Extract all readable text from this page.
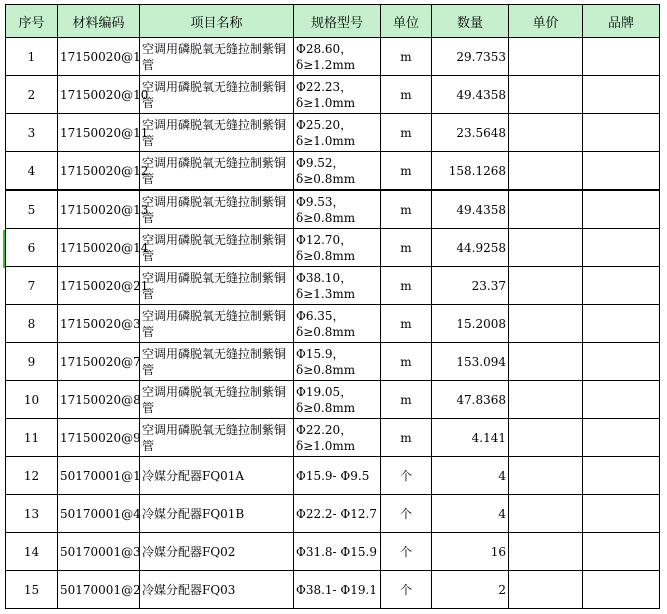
序号	材料编码	项目名称	规格型号	单位	数量	单价	品牌
1	17150020@1	空调用磷脱氧无缝拉制紫铜管	Φ28.60，δ≥1.2mm	m	29.7353		
2	17150020@10	空调用磷脱氧无缝拉制紫铜管	Φ22.23，δ≥1.0mm	m	49.4358		
3	17150020@11	空调用磷脱氧无缝拉制紫铜管	Φ25.20，δ≥1.0mm	m	23.5648		
4	17150020@12	空调用磷脱氧无缝拉制紫铜管	Φ9.52，δ≥0.8mm	m	158.1268		
5	17150020@13	空调用磷脱氧无缝拉制紫铜管	Φ9.53，δ≥0.8mm	m	49.4358		
6	17150020@14	空调用磷脱氧无缝拉制紫铜管	Φ12.70，δ≥0.8mm	m	44.9258		
7	17150020@21	空调用磷脱氧无缝拉制紫铜管	Φ38.10，δ≥1.3mm	m	23.37		
8	17150020@3	空调用磷脱氧无缝拉制紫铜管	Φ6.35，δ≥0.8mm	m	15.2008		
9	17150020@7	空调用磷脱氧无缝拉制紫铜管	Φ15.9，δ≥0.8mm	m	153.094		
10	17150020@8	空调用磷脱氧无缝拉制紫铜管	Φ19.05，δ≥0.8mm	m	47.8368		
11	17150020@9	空调用磷脱氧无缝拉制紫铜管	Φ22.20，δ≥1.0mm	m	4.141		
12	50170001@1	冷媒分配器FQ01A	Φ15.9- Φ9.5	个	4		
13	50170001@4	冷媒分配器FQ01B	Φ22.2- Φ12.7	个	4		
14	50170001@3	冷媒分配器FQ02	Φ31.8- Φ15.9	个	16		
15	50170001@2	冷媒分配器FQ03	Φ38.1- Φ19.1	个	2		
